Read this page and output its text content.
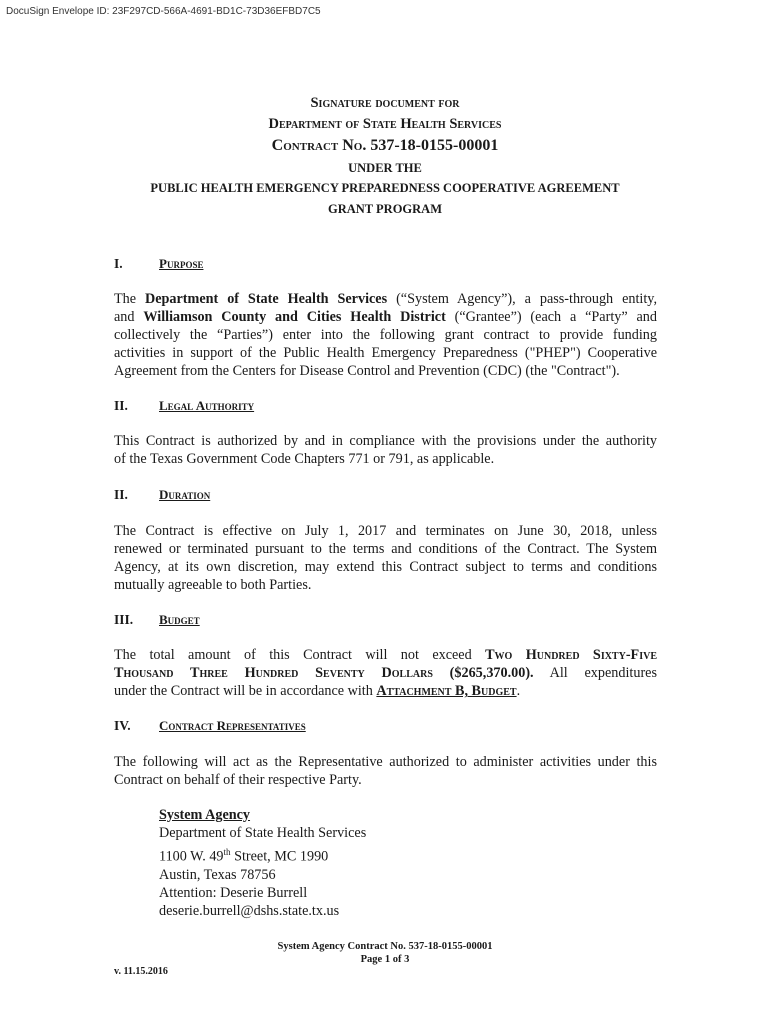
DocuSign Envelope ID: 23F297CD-566A-4691-BD1C-73D36EFBD7C5
Signature document for
Department of State Health Services
Contract No. 537-18-0155-00001
UNDER THE
PUBLIC HEALTH EMERGENCY PREPAREDNESS COOPERATIVE AGREEMENT
GRANT PROGRAM
I.	Purpose
The Department of State Health Services (“System Agency”), a pass-through entity,
and Williamson County and Cities Health District (“Grantee”) (each a “Party” and
collectively the “Parties”) enter into the following grant contract to provide funding
activities in support of the Public Health Emergency Preparedness ("PHEP") Cooperative
Agreement from the Centers for Disease Control and Prevention (CDC) (the "Contract").
II. Legal Authority
This Contract is authorized by and in compliance with the provisions under the authority
of the Texas Government Code Chapters 771 or 791, as applicable.
II. Duration
The Contract is effective on July 1, 2017 and terminates on June 30, 2018, unless
renewed or terminated pursuant to the terms and conditions of the Contract. The System
Agency, at its own discretion, may extend this Contract subject to terms and conditions
mutually agreeable to both Parties.
III. Budget
The total amount of this Contract will not exceed Two Hundred Sixty-Five
Thousand Three Hundred Seventy Dollars ($265,370.00). All expenditures
under the Contract will be in accordance with Attachment B, Budget.
IV. Contract Representatives
The following will act as the Representative authorized to administer activities under this
Contract on behalf of their respective Party.
System Agency
Department of State Health Services
1100 W. 49th Street, MC 1990
Austin, Texas 78756
Attention: Deserie Burrell
deserie.burrell@dshs.state.tx.us
System Agency Contract No. 537-18-0155-00001
Page 1 of 3
v. 11.15.2016
